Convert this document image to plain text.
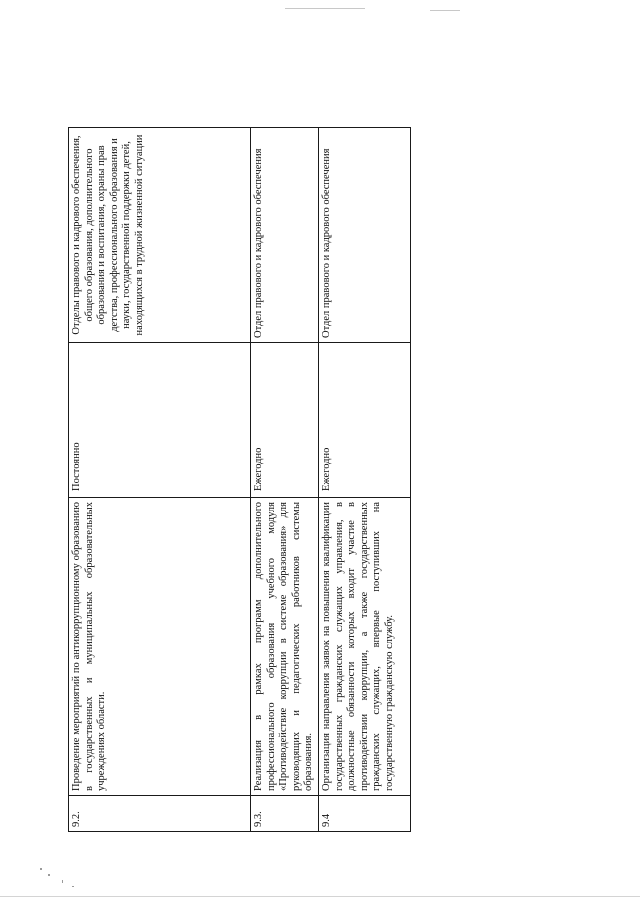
9.2.	Проведение мероприятий по антикоррупционному образованию в государственных и муниципальных образовательных учреждениях области.	Постоянно	Отделы правового и кадрового обеспечения, общего образования, дополнительного образования и воспитания, охраны прав детства, профессионального образования и науки, государственной поддержки детей, находящихся в трудной жизненной ситуации
9.3.	Реализация в рамках программ дополнительного профессионального образования учебного модуля «Противодействие коррупции в системе образования» для руководящих и педагогических работников системы образования.	Ежегодно	Отдел правового и кадрового обеспечения
9.4	Организация направления заявок на повышения квалификации государственных гражданских служащих управления, в должностные обязанности которых входит участие в противодействии коррупции, а также государственных гражданских служащих, впервые поступивших на государственную гражданскую службу.	Ежегодно	Отдел правового и кадрового обеспечения
